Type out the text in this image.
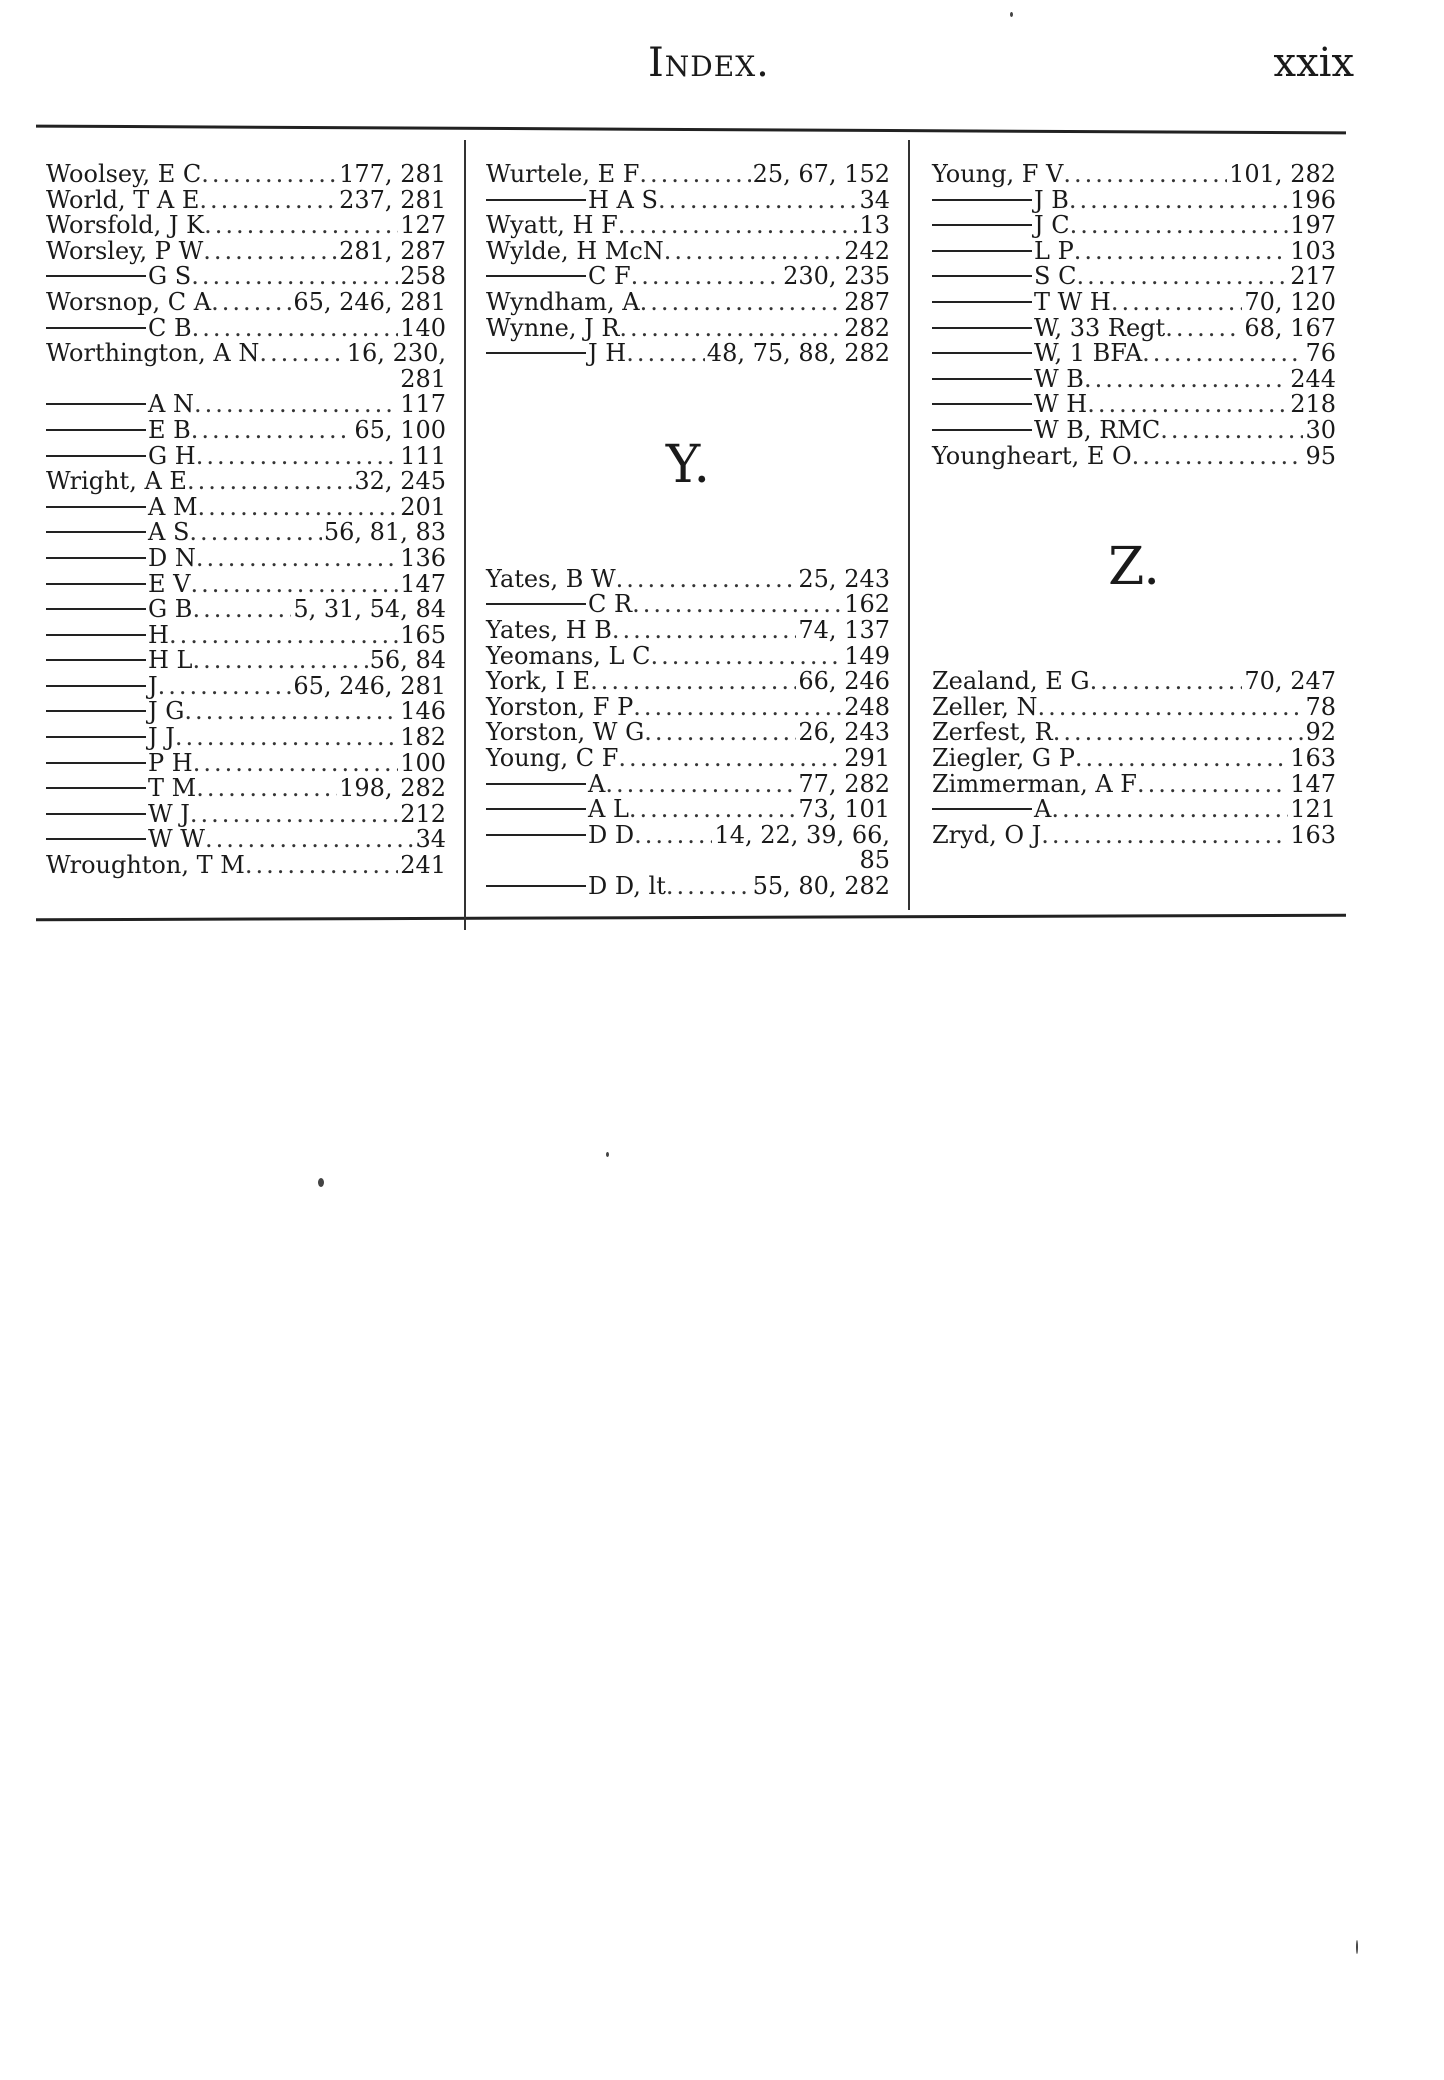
Index.	xxix
Woolsey, E C .....	177, 281
World, T A E .....	237, 281
Worsfold, J K .....	127
Worsley, P W .....	281, 287
G S .....	258
Worsnop, C A .....	65, 246, 281
C B .....	140
Worthington, A N .....	16, 230,
281
A N .....	117
E B .....	65, 100
G H .....	111
Wright, A E .....	32, 245
A M .....	201
A S .....	56, 81, 83
D N .....	136
E V .....	147
G B .....	5, 31, 54, 84
H .....	165
H L .....	56, 84
J .....	65, 246, 281
J G .....	146
J J .....	182
P H .....	100
T M .....	198, 282
W J .....	212
W W .....	34
Wroughton, T M .....	241
Wurtele, E F .....	25, 67, 152
H A S .....	34
Wyatt, H F .....	13
Wylde, H McN .....	242
C F .....	230, 235
Wyndham, A .....	287
Wynne, J R .....	282
J H .....	48, 75, 88, 282
Y.
Yates, B W .....	25, 243
C R .....	162
Yates, H B .....	74, 137
Yeomans, L C .....	149
York, I E .....	66, 246
Yorston, F P .....	248
Yorston, W G .....	26, 243
Young, C F .....	291
A .....	77, 282
A L .....	73, 101
D D .....	14, 22, 39, 66,
85
D D, lt .....	55, 80, 282
Young, F V .....	101, 282
J B .....	196
J C .....	197
L P .....	103
S C .....	217
T W H .....	70, 120
W, 33 Regt .....	68, 167
W, 1 BFA .....	76
W B .....	244
W H .....	218
W B, RMC .....	30
Youngheart, E O .....	95
Z.
Zealand, E G .....	70, 247
Zeller, N .....	78
Zerfest, R .....	92
Ziegler, G P .....	163
Zimmerman, A F .....	147
A .....	121
Zryd, O J .....	163
